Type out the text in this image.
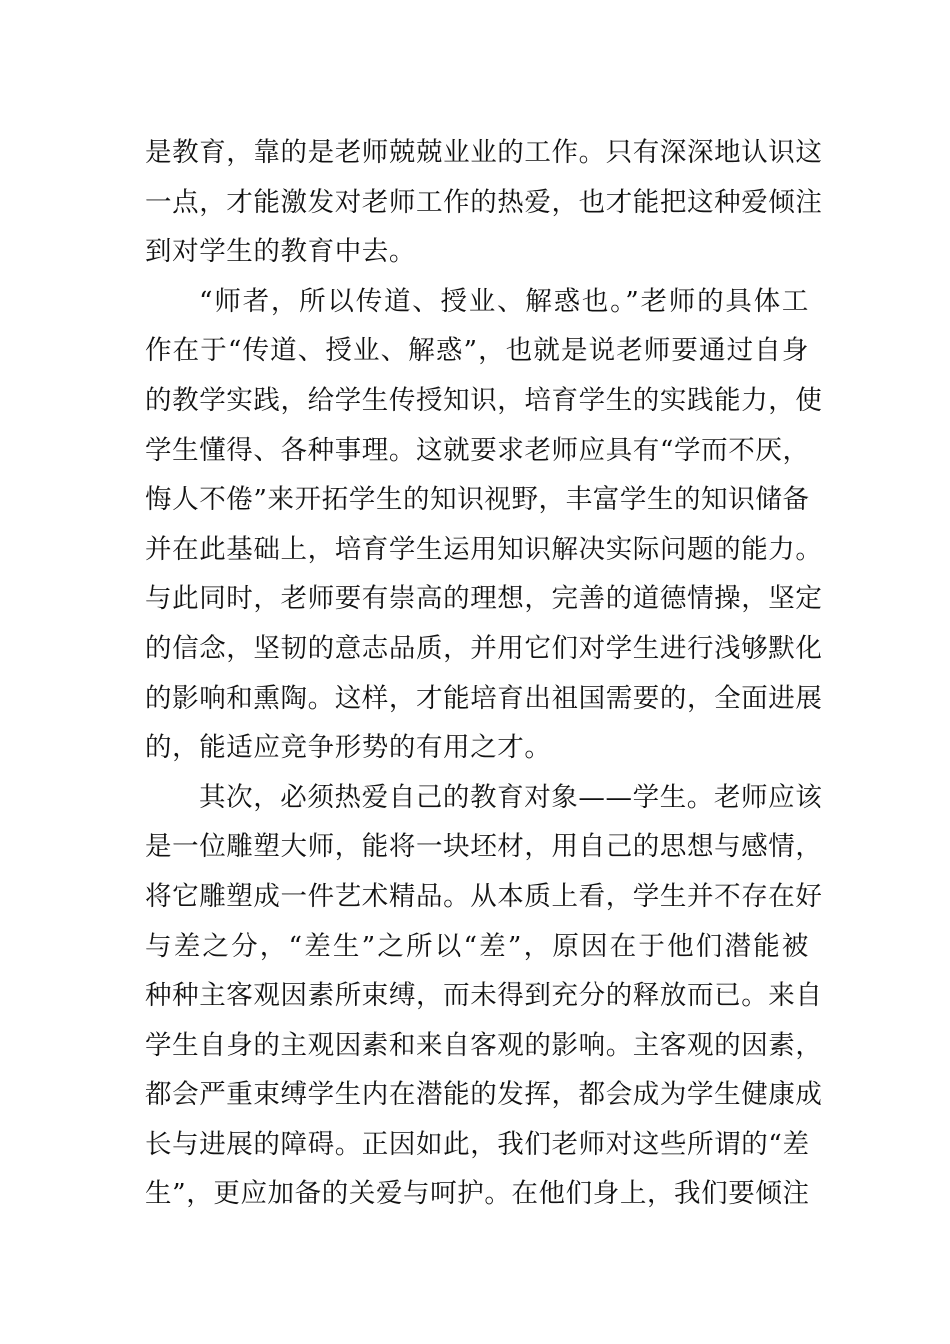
是教育，靠的是老师兢兢业业的工作。只有深深地认识这
一点，才能激发对老师工作的热爱，也才能把这种爱倾注
到对学生的教育中去。
“师者，所以传道、授业、解惑也。”老师的具体工
作在于“传道、授业、解惑”，也就是说老师要通过自身
的教学实践，给学生传授知识，培育学生的实践能力，使
学生懂得、各种事理。这就要求老师应具有“学而不厌，
悔人不倦”来开拓学生的知识视野，丰富学生的知识储备
并在此基础上，培育学生运用知识解决实际问题的能力。
与此同时，老师要有崇高的理想，完善的道德情操，坚定
的信念，坚韧的意志品质，并用它们对学生进行浅够默化
的影响和熏陶。这样，才能培育出祖国需要的，全面进展
的，能适应竞争形势的有用之才。
其次，必须热爱自己的教育对象——学生。老师应该
是一位雕塑大师，能将一块坯材，用自己的思想与感情，
将它雕塑成一件艺术精品。从本质上看，学生并不存在好
与差之分，“差生”之所以“差”，原因在于他们潜能被
种种主客观因素所束缚，而未得到充分的释放而已。来自
学生自身的主观因素和来自客观的影响。主客观的因素，
都会严重束缚学生内在潜能的发挥，都会成为学生健康成
长与进展的障碍。正因如此，我们老师对这些所谓的“差
生”，更应加备的关爱与呵护。在他们身上，我们要倾注
